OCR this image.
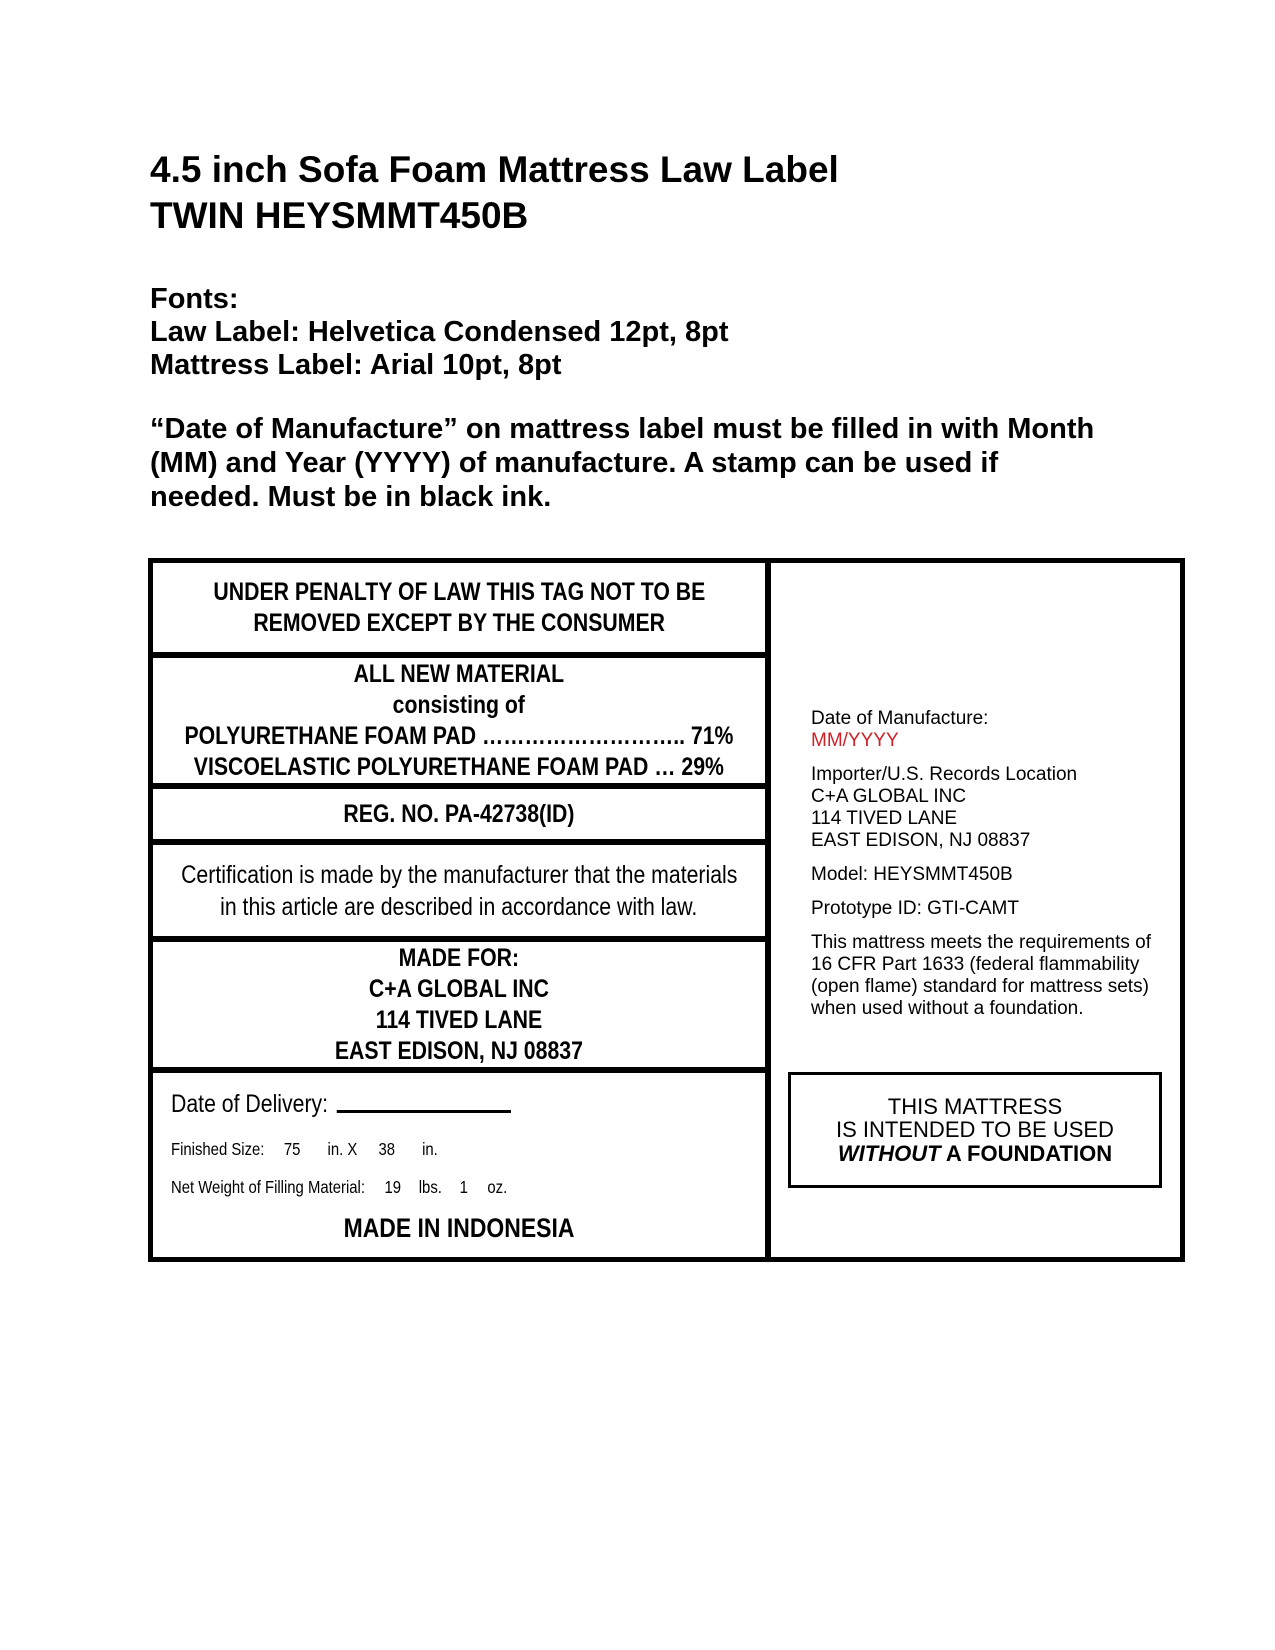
4.5 inch Sofa Foam Mattress Law Label
TWIN HEYSMMT450B
Fonts:
Law Label: Helvetica Condensed 12pt, 8pt
Mattress Label: Arial 10pt, 8pt
“Date of Manufacture” on mattress label must be filled in with Month
(MM) and Year (YYYY) of manufacture. A stamp can be used if
needed. Must be in black ink.
UNDER PENALTY OF LAW THIS TAG NOT TO BE
REMOVED EXCEPT BY THE CONSUMER
ALL NEW MATERIAL
consisting of
POLYURETHANE FOAM PAD ……………………….. 71%
VISCOELASTIC POLYURETHANE FOAM PAD … 29%
REG. NO. PA-42738(ID)
Certification is made by the manufacturer that the materials
in this article are described in accordance with law.
MADE FOR:
C+A GLOBAL INC
114 TIVED LANE
EAST EDISON, NJ 08837
Date of Delivery:
Finished Size: 75 in. X 38 in.
Net Weight of Filling Material: 19 lbs. 1 oz.
MADE IN INDONESIA
Date of Manufacture:
MM/YYYY
Importer/U.S. Records Location
C+A GLOBAL INC
114 TIVED LANE
EAST EDISON, NJ 08837
Model: HEYSMMT450B
Prototype ID: GTI-CAMT
This mattress meets the requirements of
16 CFR Part 1633 (federal flammability
(open flame) standard for mattress sets)
when used without a foundation.
THIS MATTRESS
IS INTENDED TO BE USED
WITHOUT A FOUNDATION
